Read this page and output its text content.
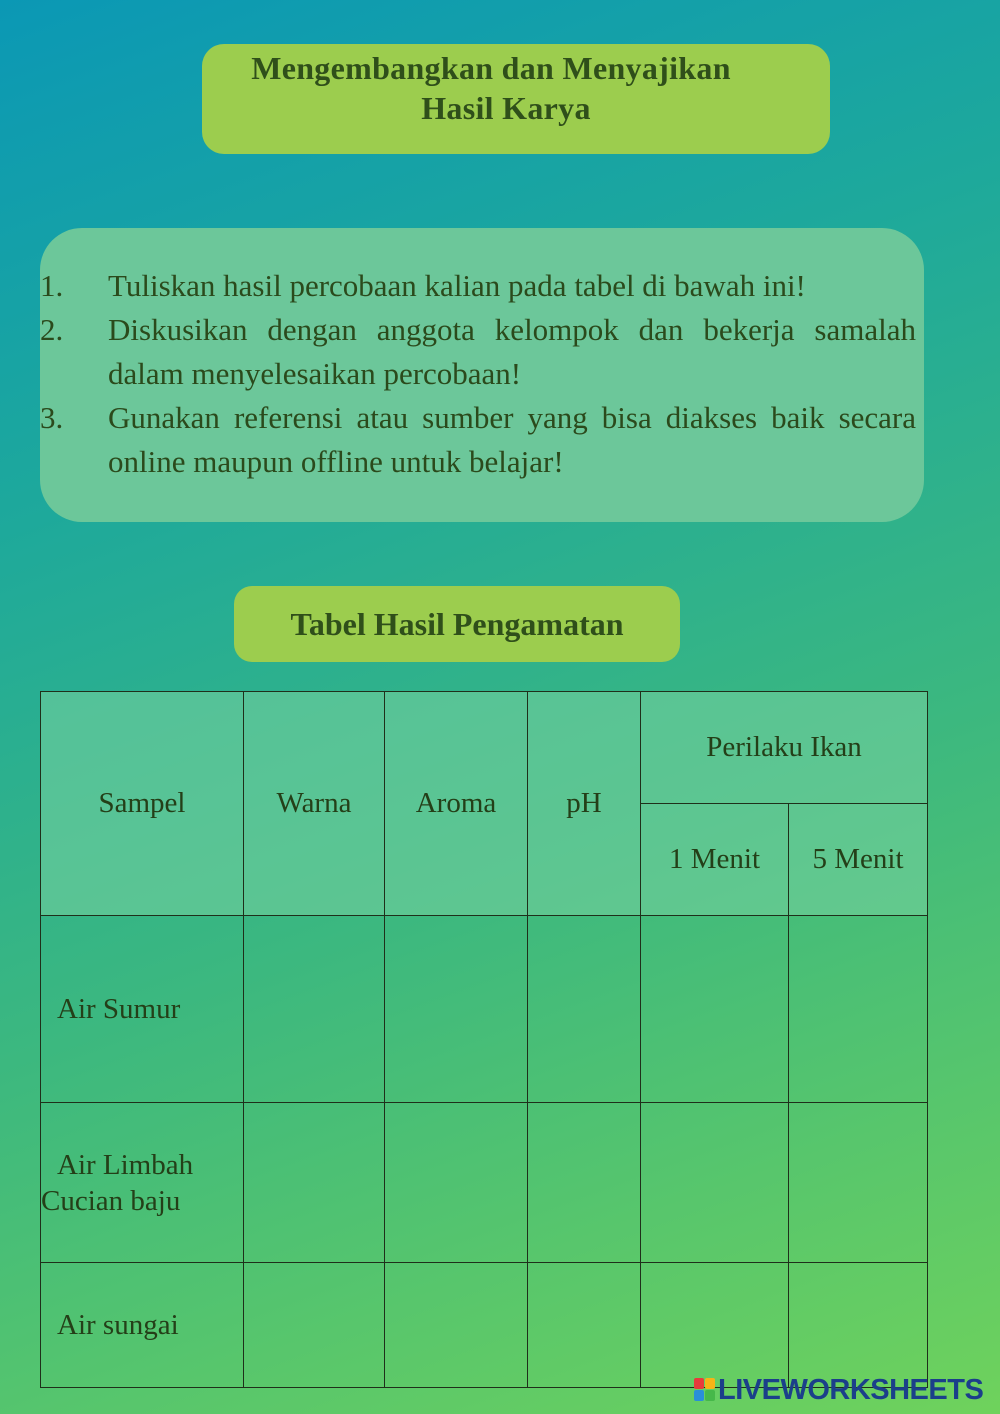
Mengembangkan dan Menyajikan
Hasil Karya
1.	Tuliskan hasil percobaan kalian pada tabel di bawah ini!
2.	Diskusikan dengan anggota kelompok dan bekerja samalah dalam menyelesaikan percobaan!
3.	Gunakan referensi atau sumber yang bisa diakses baik secara online maupun offline untuk belajar!
Tabel Hasil Pengamatan
Sampel	Warna	Aroma	pH	Perilaku Ikan	
				1 Menit	5 Menit
Air Sumur					

Air Limbah
Cucian baju					

Air sungai					
LIVEWORKSHEETS
